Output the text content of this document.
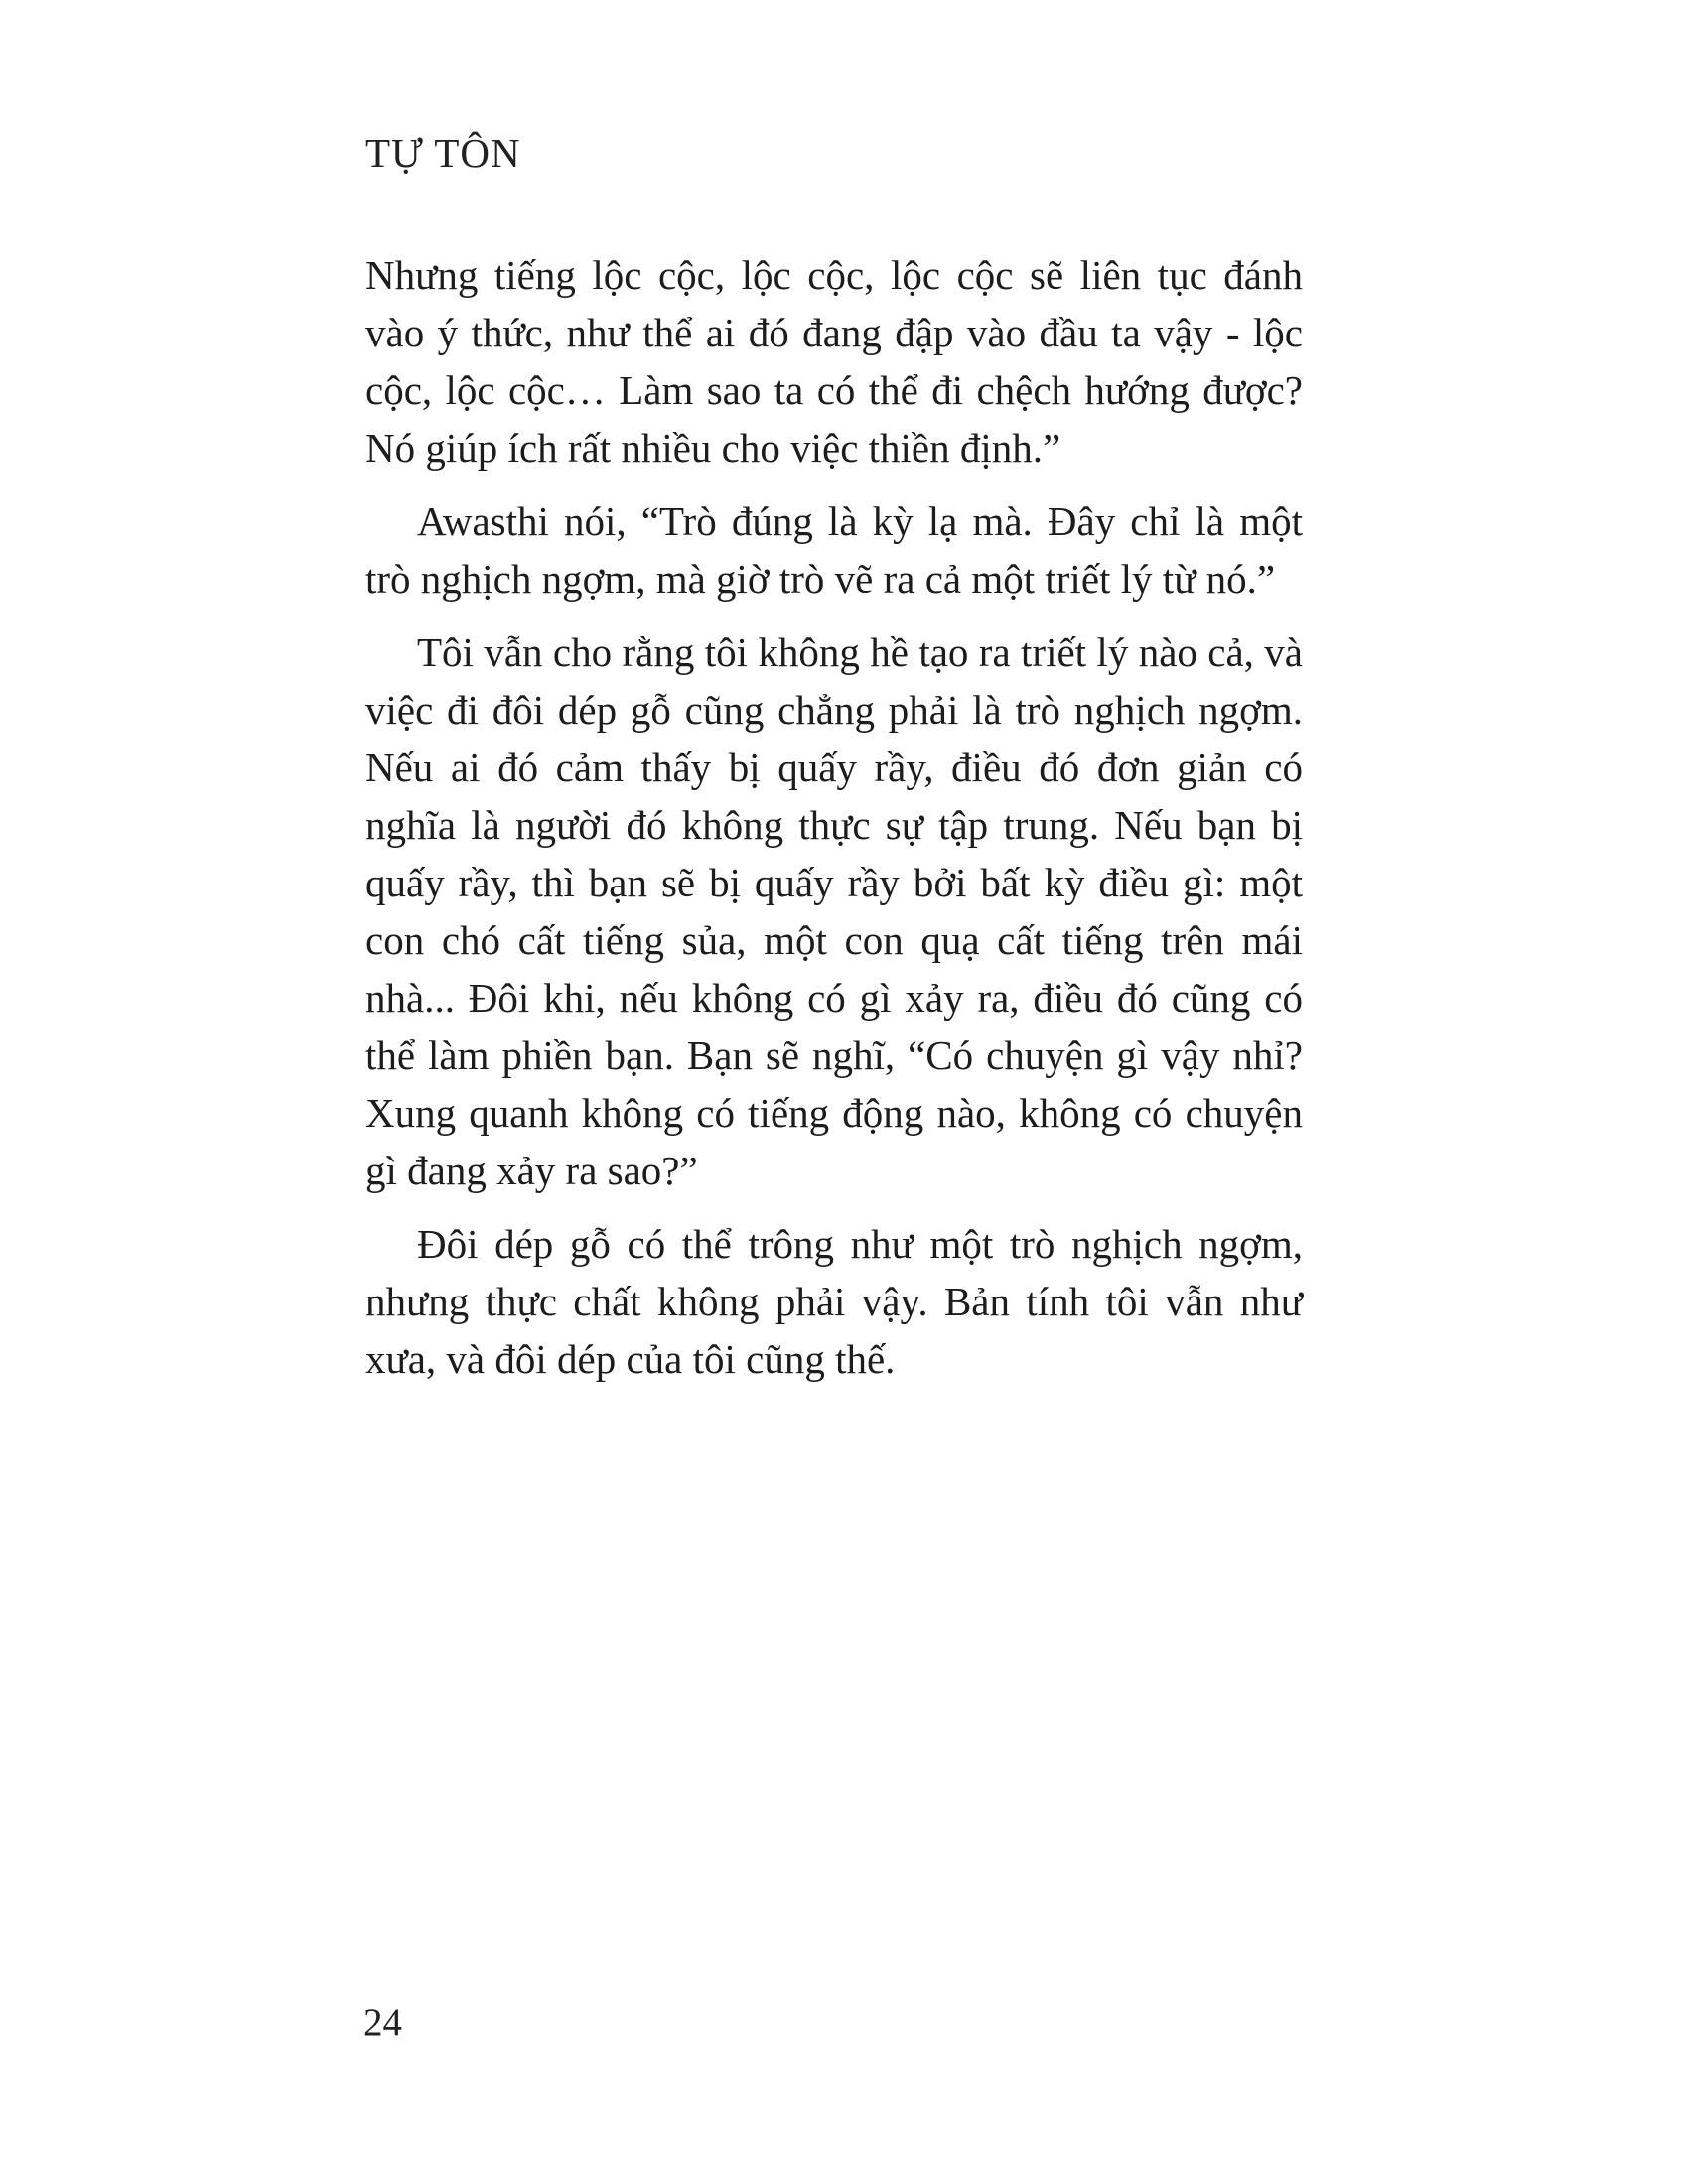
TỰ TÔN

Nhưng tiếng lộc cộc, lộc cộc, lộc cộc sẽ liên tục đánh vào ý thức, như thể ai đó đang đập vào đầu ta vậy - lộc cộc, lộc cộc… Làm sao ta có thể đi chệch hướng được? Nó giúp ích rất nhiều cho việc thiền định.”

Awasthi nói, “Trò đúng là kỳ lạ mà. Đây chỉ là một trò nghịch ngợm, mà giờ trò vẽ ra cả một triết lý từ nó.”

Tôi vẫn cho rằng tôi không hề tạo ra triết lý nào cả, và việc đi đôi dép gỗ cũng chẳng phải là trò nghịch ngợm. Nếu ai đó cảm thấy bị quấy rầy, điều đó đơn giản có nghĩa là người đó không thực sự tập trung. Nếu bạn bị quấy rầy, thì bạn sẽ bị quấy rầy bởi bất kỳ điều gì: một con chó cất tiếng sủa, một con quạ cất tiếng trên mái nhà... Đôi khi, nếu không có gì xảy ra, điều đó cũng có thể làm phiền bạn. Bạn sẽ nghĩ, “Có chuyện gì vậy nhỉ? Xung quanh không có tiếng động nào, không có chuyện gì đang xảy ra sao?”

Đôi dép gỗ có thể trông như một trò nghịch ngợm, nhưng thực chất không phải vậy. Bản tính tôi vẫn như xưa, và đôi dép của tôi cũng thế.

24
